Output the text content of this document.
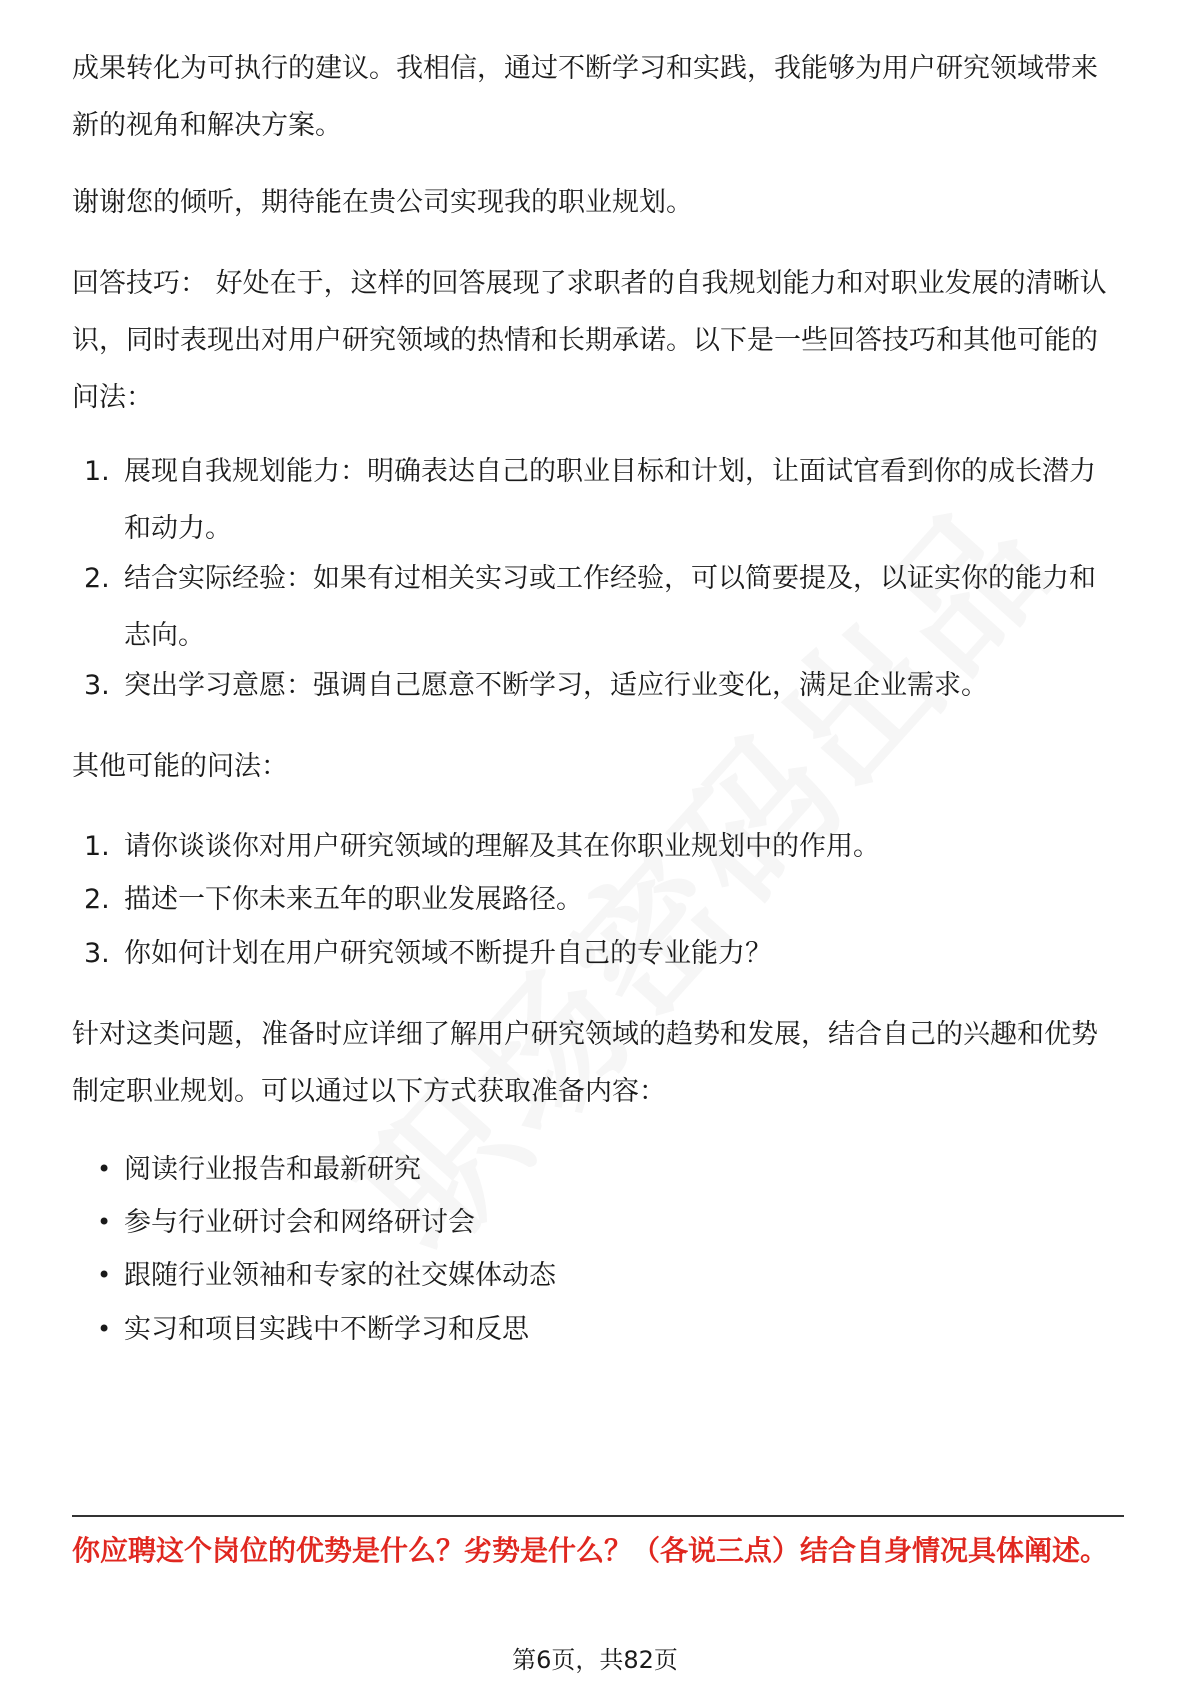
成果转化为可执行的建议。我相信，通过不断学习和实践，我能够为用户研究领域带来新的视角和解决方案。

谢谢您的倾听，期待能在贵公司实现我的职业规划。

回答技巧： 好处在于，这样的回答展现了求职者的自我规划能力和对职业发展的清晰认识，同时表现出对用户研究领域的热情和长期承诺。以下是一些回答技巧和其他可能的问法：

1. 展现自我规划能力：明确表达自己的职业目标和计划，让面试官看到你的成长潜力和动力。
2. 结合实际经验：如果有过相关实习或工作经验，可以简要提及，以证实你的能力和志向。
3. 突出学习意愿：强调自己愿意不断学习，适应行业变化，满足企业需求。

其他可能的问法：

1. 请你谈谈你对用户研究领域的理解及其在你职业规划中的作用。
2. 描述一下你未来五年的职业发展路径。
3. 你如何计划在用户研究领域不断提升自己的专业能力？

针对这类问题，准备时应详细了解用户研究领域的趋势和发展，结合自己的兴趣和优势制定职业规划。可以通过以下方式获取准备内容：

• 阅读行业报告和最新研究
• 参与行业研讨会和网络研讨会
• 跟随行业领袖和专家的社交媒体动态
• 实习和项目实践中不断学习和反思
你应聘这个岗位的优势是什么？劣势是什么？（各说三点）结合自身情况具体阐述。
第6页，共82页
